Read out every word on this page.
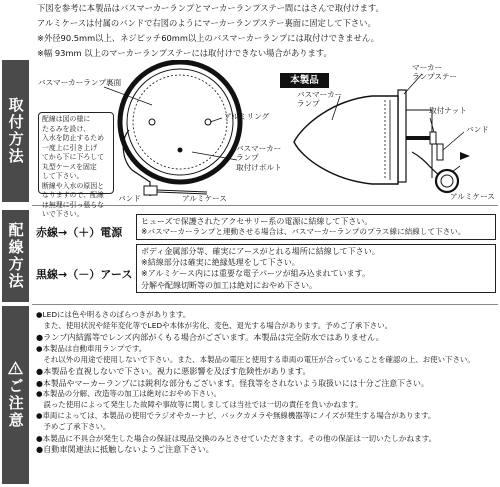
下図を参考に本製品はバスマーカーランプとマーカーランプステー間にはさんで取付けます。
アルミケースは付属のバンドで右図のようにマーカーランプステー裏面に固定して下さい。
※外径90.5mm以上、ネジピッチ60mm以上のバスマーカーランプには取付けできません。
※幅 93mm 以上のマーカーランプステーには取付けできない場合があります。
取付方法
配線方法
ご注意
バスマーカーランプ裏面
アルミリング
本製品
バスマーカー
ランプ
マーカー
ランプステー
取付ナット
バンド
バスマーカー
ランプ
取付けボルト
バンド	アルミケース	アルミケース
配線は図の様に
たるみを設け、
入水を防止するため
一度上に引き上げ
てから下に下ろして
丸型ケースを固定
して下さい。
断線や入水の原因と
なりますので、配線
は無理に引っ張らな
いで下さい。
赤線→（＋）電源
ヒューズで保護されたアクセサリー系の電源に結線して下さい。
※バスマーカーランプと連動させる場合は、バスマーカーランプのプラス線に結線して下さい。
黒線→（－）アース
ボディ金属部分等、確実にアースがとれる場所に結線して下さい。
※結線部分は確実に絶縁処理をして下さい。
※アルミケース内には重要な電子パーツが組み込まれています。
分解や配線切断等の加工は絶対におやめ下さい。
●LEDには色や明るさのばらつきがあります。
　また、使用状況や経年変化等でLEDや本体が劣化、変色、退光する場合があります。予めご了承下さい。
●ランプ内結露等でレンズ内部がくもる場合がございます。本製品は完全防水ではありません。
●本製品は自動車用ランプです。
　それ以外の用途で使用しないで下さい。また、本製品の電圧と使用する車両の電圧が合っていることを確認の上、お使い下さい。
●本製品を直視しないで下さい。視力に悪影響を及ぼす危険性があります。
●本製品やマーカーランプには鋭利な部分もございます。怪我等をされないよう取扱いには十分ご注意下さい。
●本製品の分解、改造等の加工は絶対におやめ下さい。
　誤った使用によって発生した故障や事故等に関しましては当社では一切の責任を負いかねます。
●車両によっては、本製品の使用でラジオやカーナビ、バックカメラや無線機器等にノイズが発生する場合があります。
　予めご了承下さい。
●本製品に不具合が発生した場合の保証は現品交換のみとさせていただきます。その他の保証は一切いたしかねます。
●自動車関連法に抵触しないようご注意下さい。
